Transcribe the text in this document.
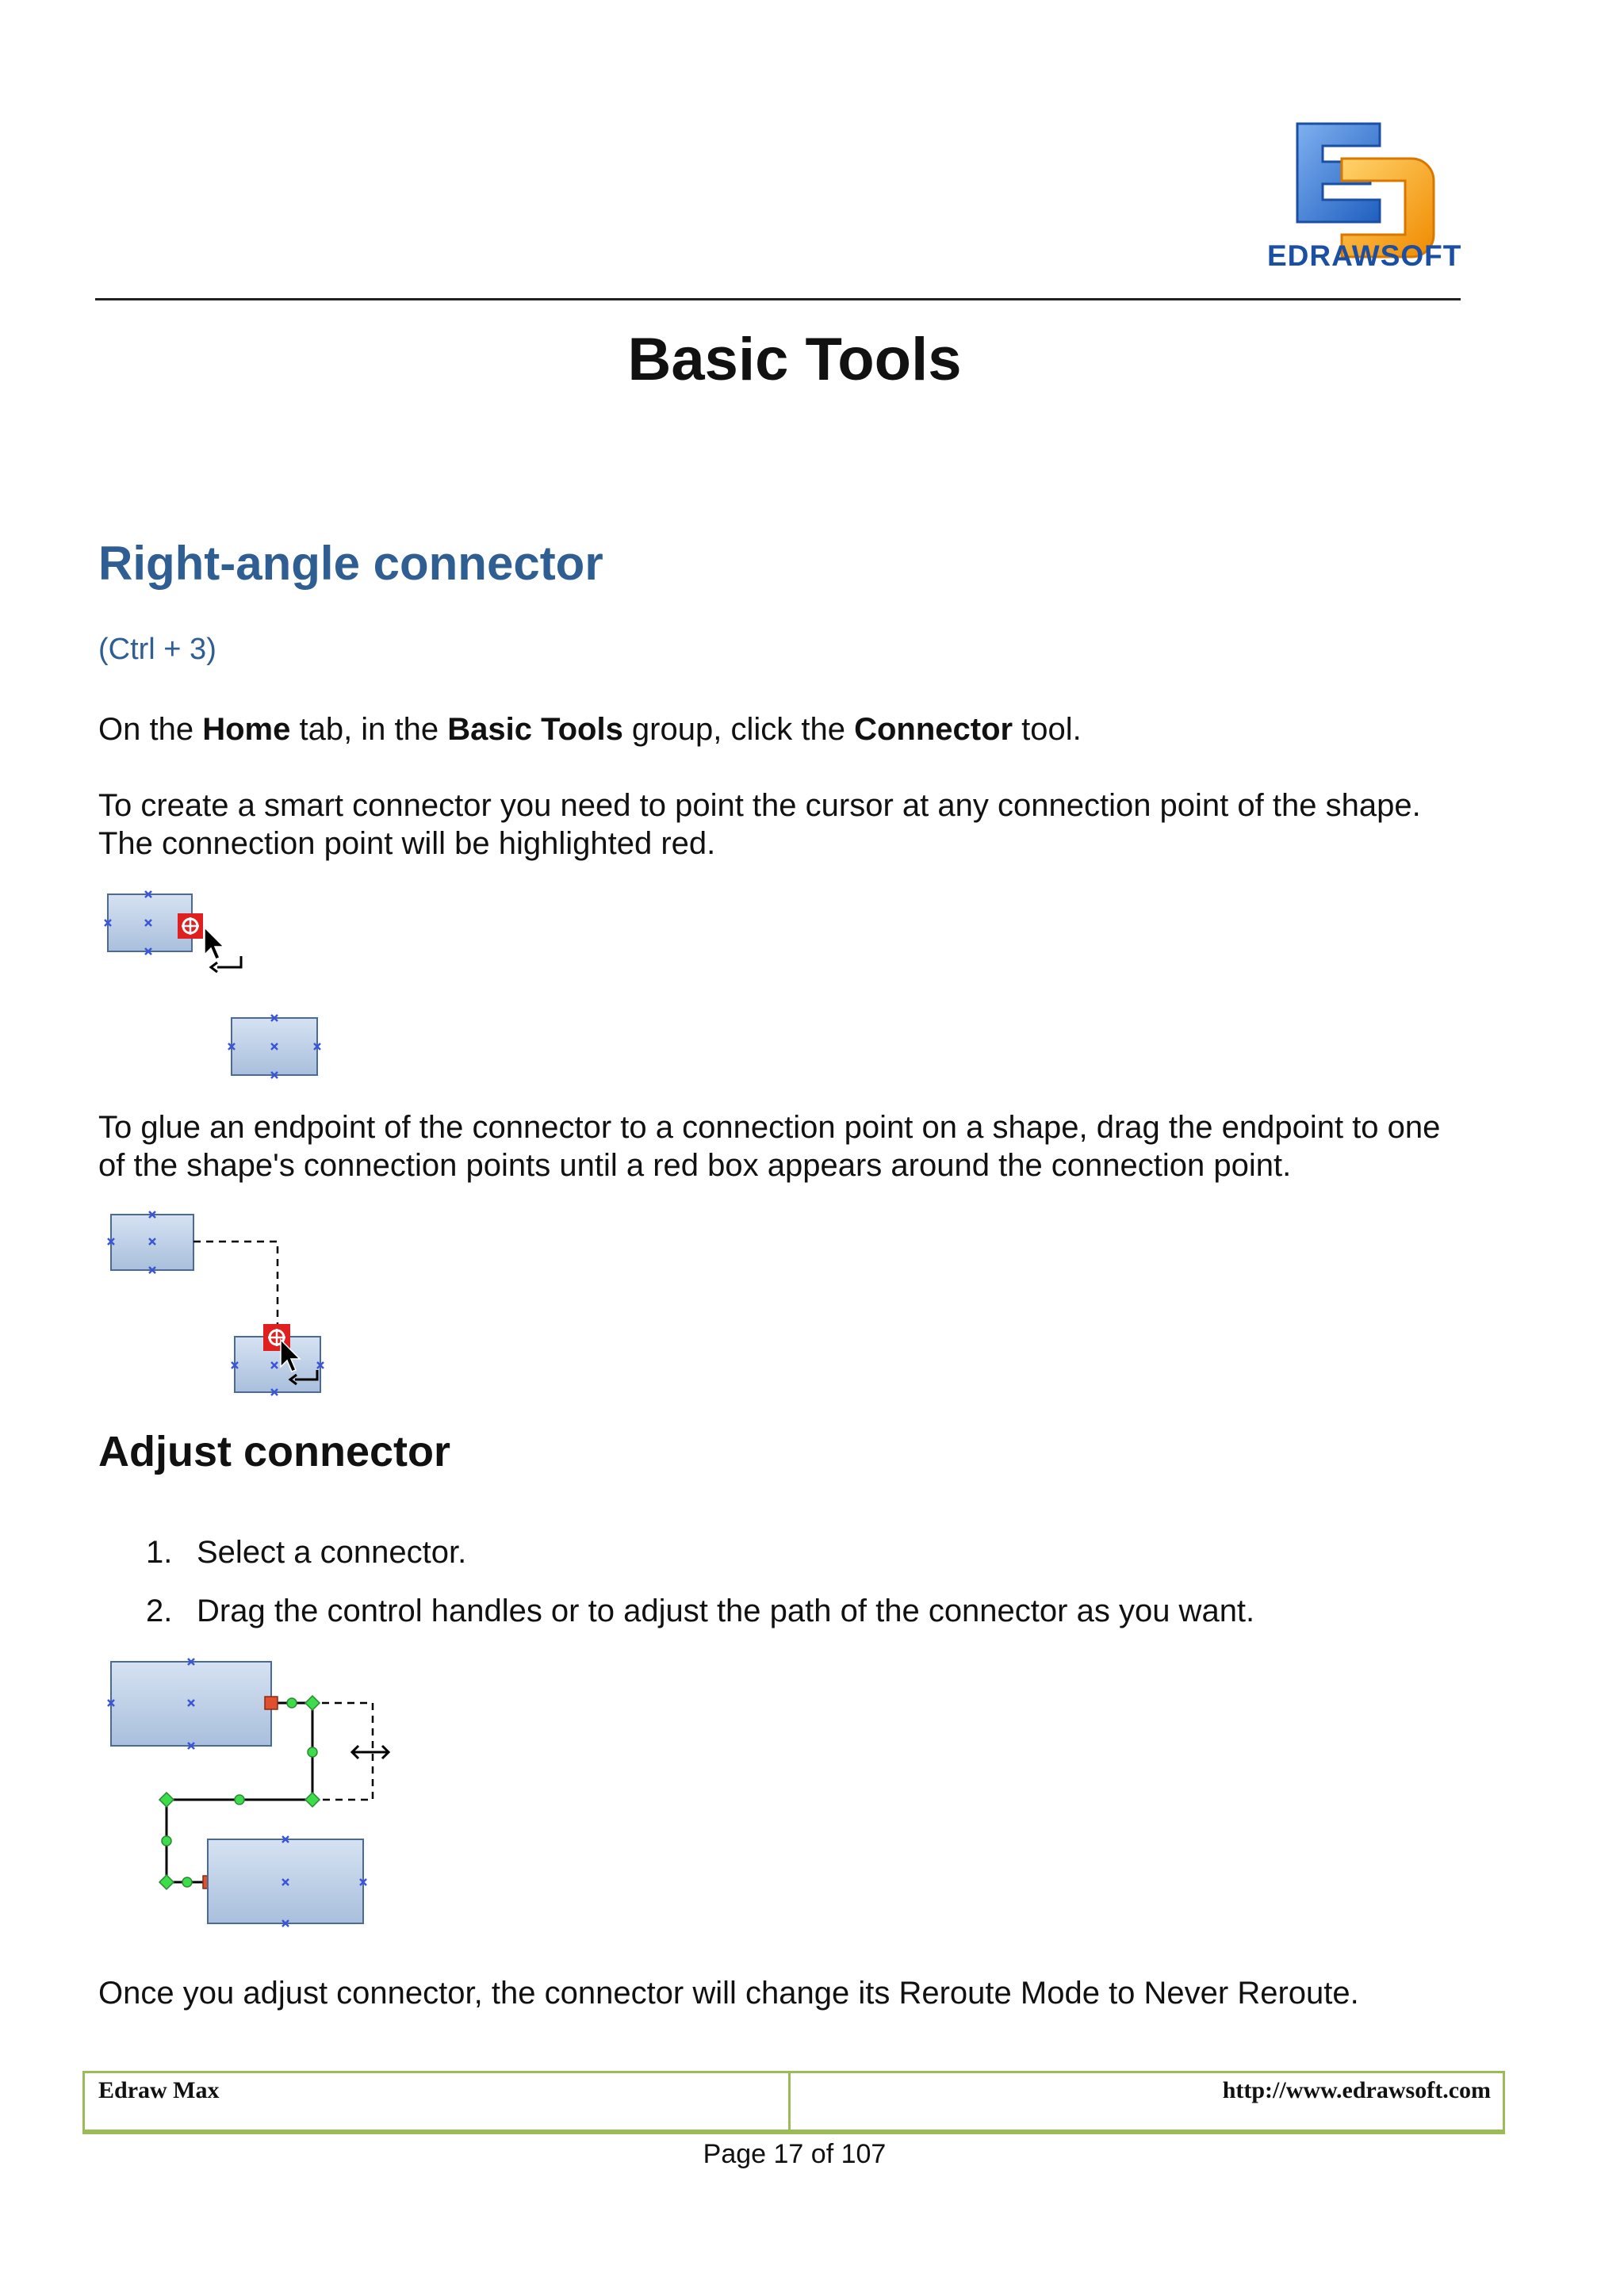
EDRAWSOFT
Basic Tools
Right-angle connector
(Ctrl + 3)
On the Home tab, in the Basic Tools group, click the Connector tool.
To create a smart connector you need to point the cursor at any connection point of the shape.
The connection point will be highlighted red.
To glue an endpoint of the connector to a connection point on a shape, drag the endpoint to one
of the shape's connection points until a red box appears around the connection point.
Adjust connector
1. Select a connector.
2. Drag the control handles or to adjust the path of the connector as you want.
Once you adjust connector, the connector will change its Reroute Mode to Never Reroute.
Edraw Max	http://www.edrawsoft.com
Page 17 of 107
